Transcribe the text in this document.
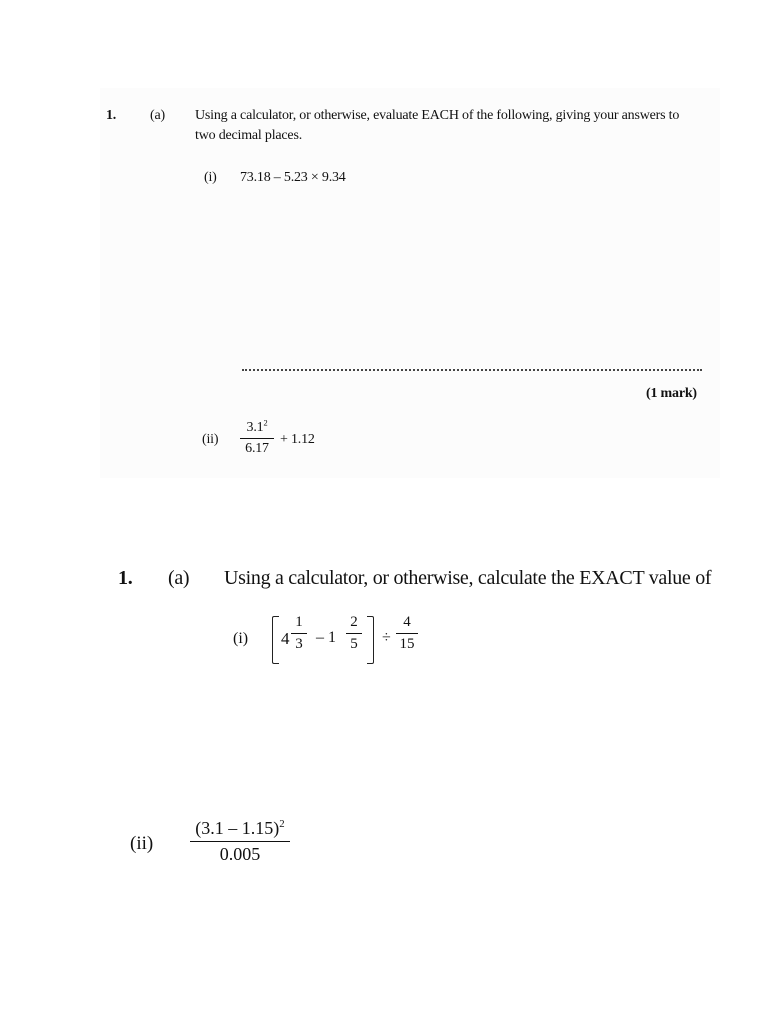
1. (a) Using a calculator, or otherwise, evaluate EACH of the following, giving your answers to
two decimal places.
(i) 73.18 – 5.23 × 9.34
(1 mark)
(ii)
$3.1^2$
6.17
+ 1.12
1. (a) Using a calculator, or otherwise, calculate the EXACT value of
(i) 4
1
3 – 1
2
5 ÷
4
15
(ii)
(3.1 – 1.15)$^2$
0.005
